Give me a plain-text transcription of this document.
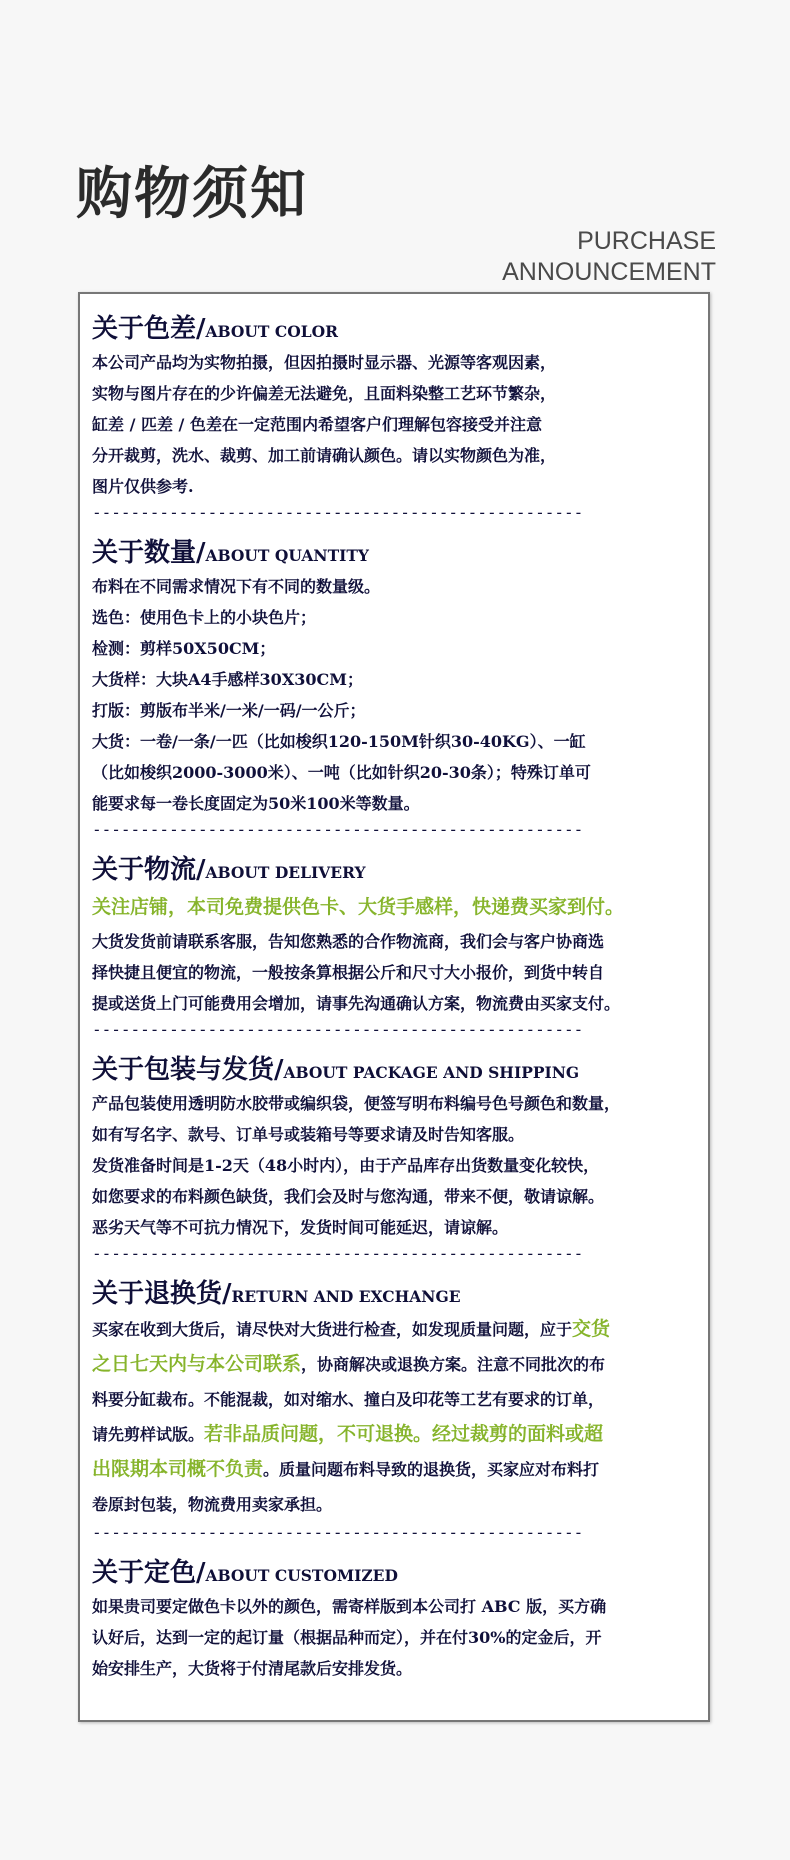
购物须知
PURCHASE
ANNOUNCEMENT
关于色差/ABOUT COLOR

本公司产品均为实物拍摄，但因拍摄时显示器、光源等客观因素，

实物与图片存在的少许偏差无法避免，且面料染整工艺环节繁杂，

缸差 / 匹差 / 色差在一定范围内希望客户们理解包容接受并注意

分开裁剪，洗水、裁剪、加工前请确认颜色。请以实物颜色为准，

图片仅供参考.

---------------------------------------------------

关于数量/ABOUT QUANTITY

布料在不同需求情况下有不同的数量级。

选色：使用色卡上的小块色片；

检测：剪样50X50CM；

大货样：大块A4手感样30X30CM；

打版：剪版布半米/一米/一码/一公斤；

大货：一卷/一条/一匹（比如梭织120-150M针织30-40KG）、一缸

（比如梭织2000-3000米）、一吨（比如针织20-30条）；特殊订单可

能要求每一卷长度固定为50米100米等数量。

---------------------------------------------------

关于物流/ABOUT DELIVERY

关注店铺，本司免费提供色卡、大货手感样，快递费买家到付。

大货发货前请联系客服，告知您熟悉的合作物流商，我们会与客户协商选

择快捷且便宜的物流，一般按条算根据公斤和尺寸大小报价，到货中转自

提或送货上门可能费用会增加，请事先沟通确认方案，物流费由买家支付。

---------------------------------------------------

关于包装与发货/ABOUT PACKAGE AND SHIPPING

产品包装使用透明防水胶带或编织袋，便签写明布料编号色号颜色和数量，

如有写名字、款号、订单号或装箱号等要求请及时告知客服。

发货准备时间是1-2天（48小时内），由于产品库存出货数量变化较快，

如您要求的布料颜色缺货，我们会及时与您沟通，带来不便，敬请谅解。

恶劣天气等不可抗力情况下，发货时间可能延迟，请谅解。

---------------------------------------------------

关于退换货/RETURN AND EXCHANGE

买家在收到大货后，请尽快对大货进行检查，如发现质量问题，应于交货

之日七天内与本公司联系，协商解决或退换方案。注意不同批次的布

料要分缸裁布。不能混裁，如对缩水、撞白及印花等工艺有要求的订单，

请先剪样试版。若非品质问题，不可退换。经过裁剪的面料或超

出限期本司概不负责。质量问题布料导致的退换货，买家应对布料打

卷原封包装，物流费用卖家承担。

---------------------------------------------------

关于定色/ABOUT CUSTOMIZED

如果贵司要定做色卡以外的颜色，需寄样版到本公司打 ABC 版，买方确

认好后，达到一定的起订量（根据品种而定），并在付30%的定金后，开

始安排生产，大货将于付清尾款后安排发货。
